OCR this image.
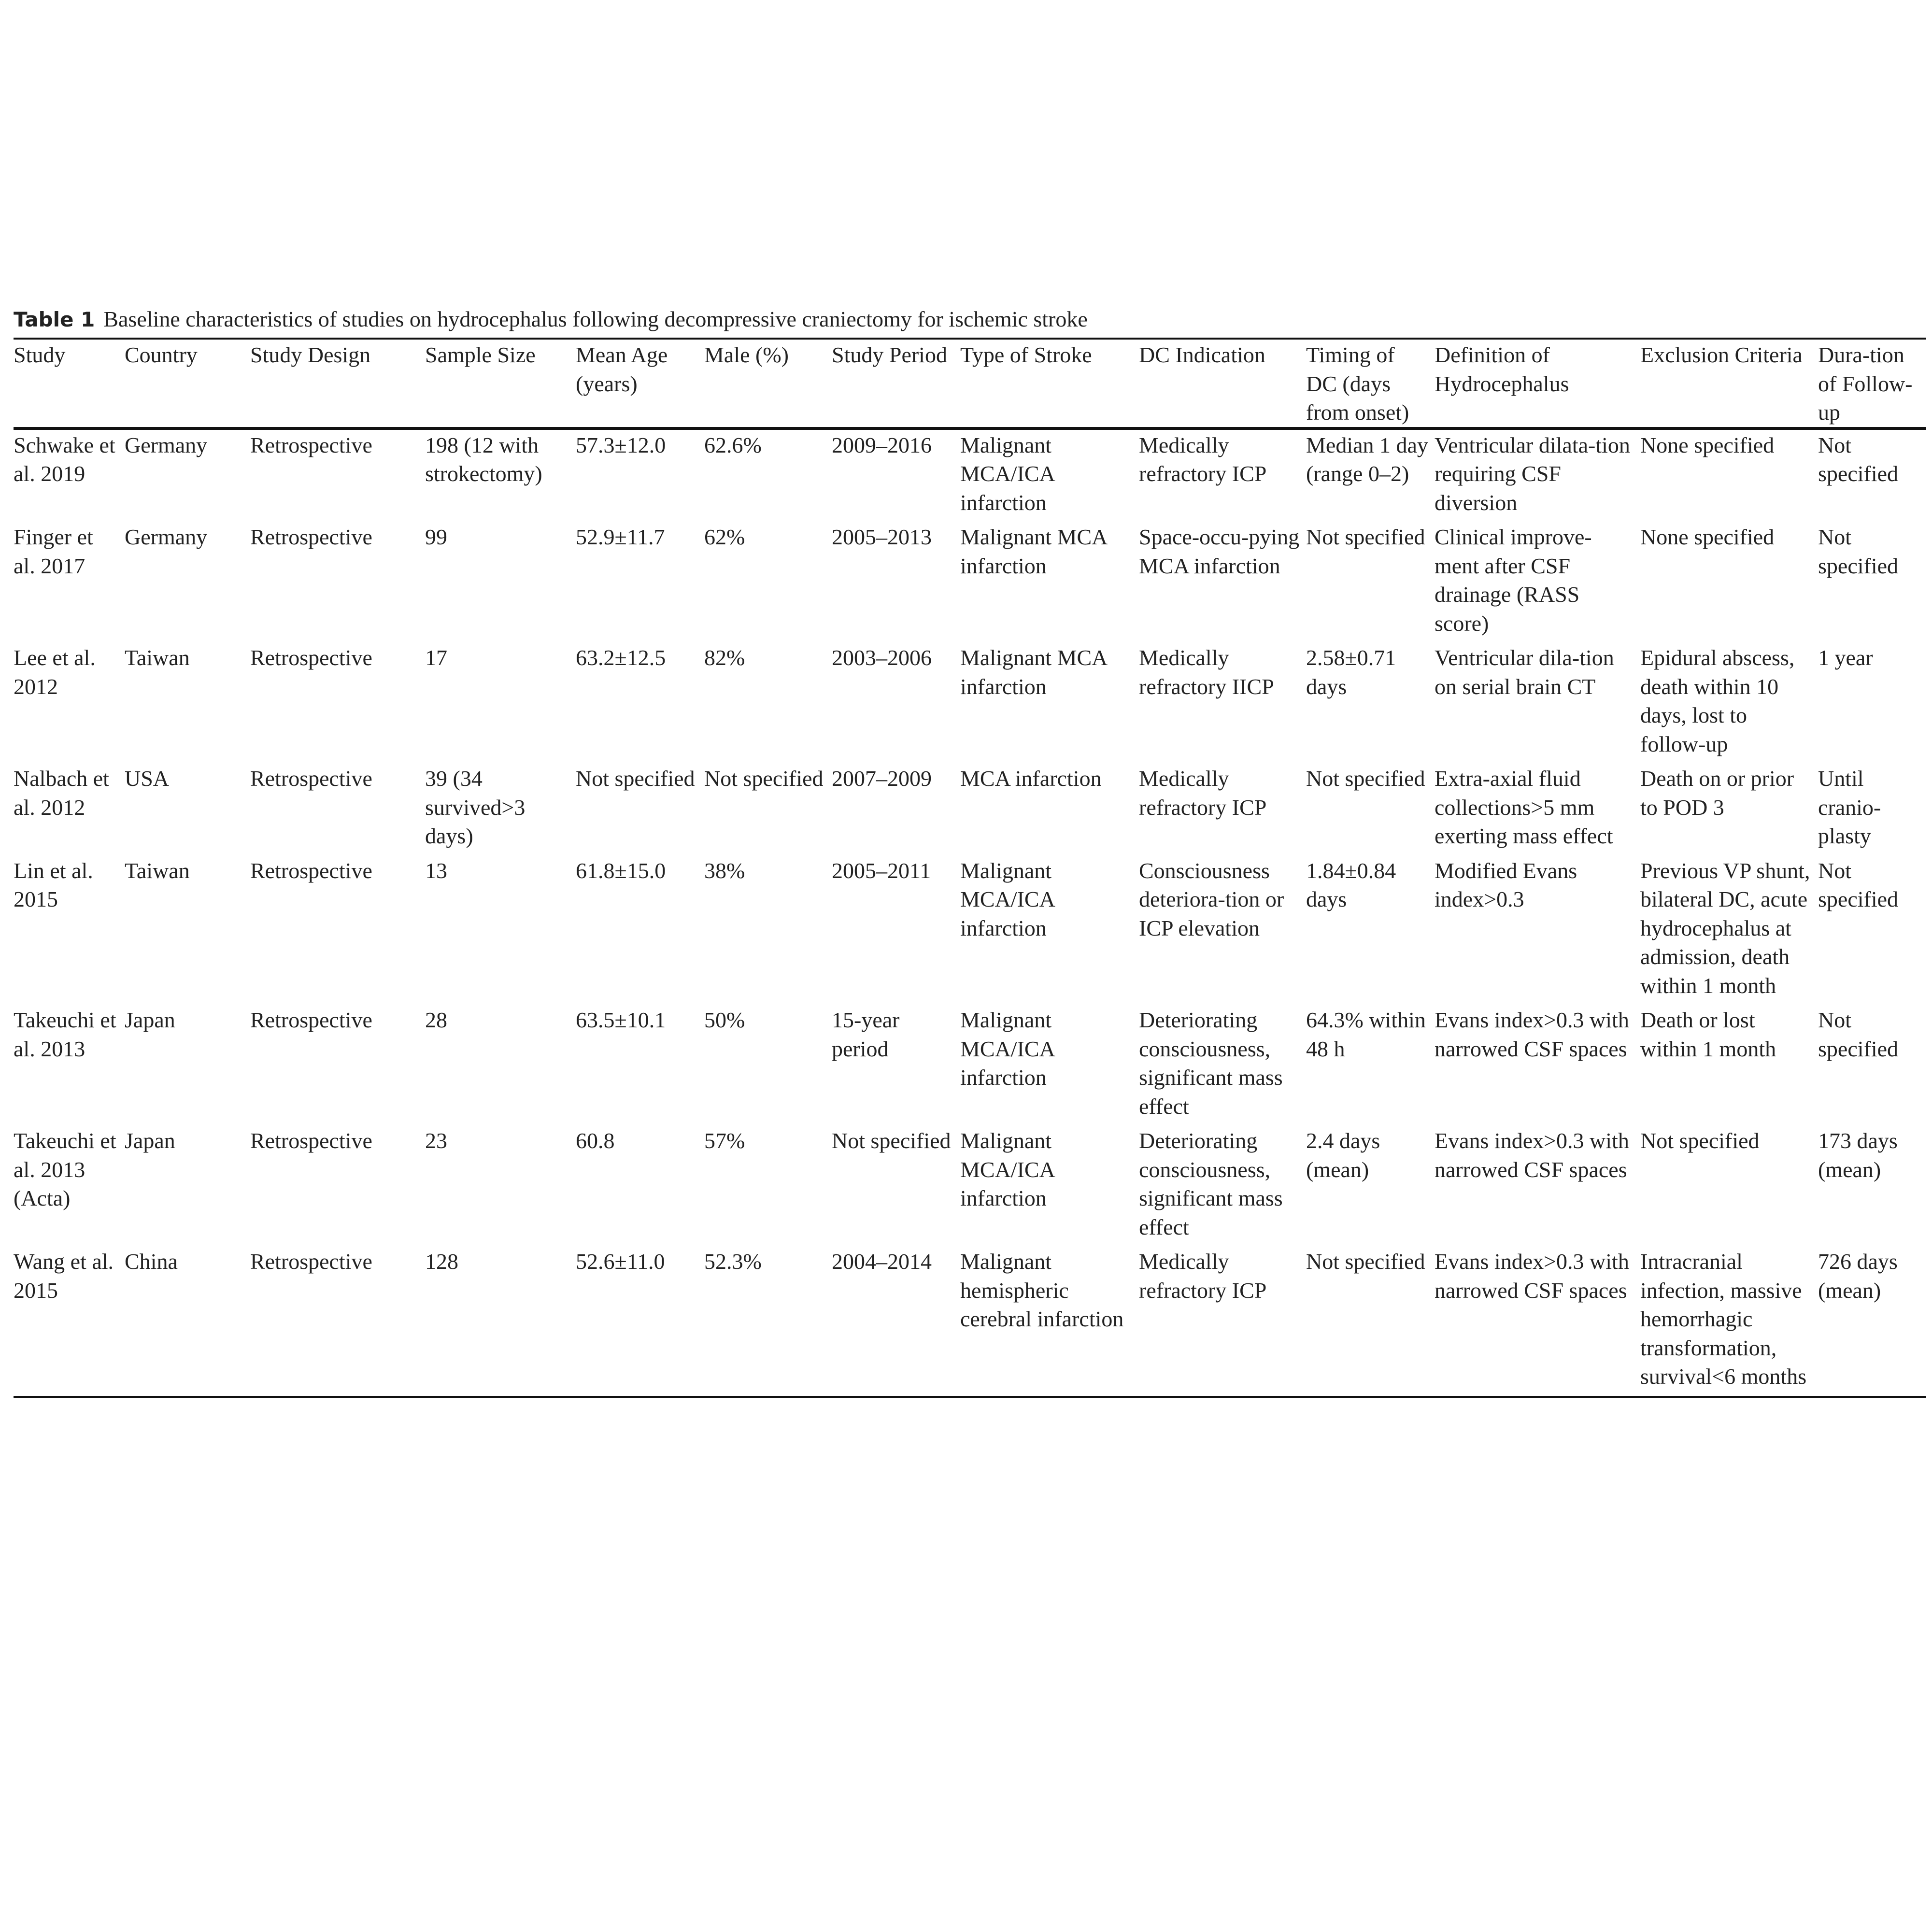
Table 1 Baseline characteristics of studies on hydrocephalus following decompressive craniectomy for ischemic stroke
Study	Country	Study Design	Sample Size	Mean Age (years)	Male (%)	Study Period	Type of Stroke	DC Indication	Timing of DC (days from onset)	Definition of Hydrocephalus	Exclusion Criteria	Dura-tion of Follow-up
Schwake et al. 2019	Germany	Retrospective	198 (12 with strokectomy)	57.3±12.0	62.6%	2009–2016	Malignant MCA/ICA infarction	Medically refractory ICP	Median 1 day (range 0–2)	Ventricular dilata-tion requiring CSF diversion	None specified	Not specified
Finger et al. 2017	Germany	Retrospective	99	52.9±11.7	62%	2005–2013	Malignant MCA infarction	Space-occu-pying MCA infarction	Not specified	Clinical improve-ment after CSF drainage (RASS score)	None specified	Not specified
Lee et al. 2012	Taiwan	Retrospective	17	63.2±12.5	82%	2003–2006	Malignant MCA infarction	Medically refractory IICP	2.58±0.71 days	Ventricular dila-tion on serial brain CT	Epidural abscess, death within 10 days, lost to follow-up	1 year
Nalbach et al. 2012	USA	Retrospective	39 (34 survived>3 days)	Not specified	Not specified	2007–2009	MCA infarction	Medically refractory ICP	Not specified	Extra-axial fluid collections>5 mm exerting mass effect	Death on or prior to POD 3	Until cranio-plasty
Lin et al. 2015	Taiwan	Retrospective	13	61.8±15.0	38%	2005–2011	Malignant MCA/ICA infarction	Consciousness deteriora-tion or ICP elevation	1.84±0.84 days	Modified Evans index>0.3	Previous VP shunt, bilateral DC, acute hydrocephalus at admission, death within 1 month	Not specified
Takeuchi et al. 2013	Japan	Retrospective	28	63.5±10.1	50%	15-year period	Malignant MCA/ICA infarction	Deteriorating consciousness, significant mass effect	64.3% within 48 h	Evans index>0.3 with narrowed CSF spaces	Death or lost within 1 month	Not specified
Takeuchi et al. 2013 (Acta)	Japan	Retrospective	23	60.8	57%	Not specified	Malignant MCA/ICA infarction	Deteriorating consciousness, significant mass effect	2.4 days (mean)	Evans index>0.3 with narrowed CSF spaces	Not specified	173 days (mean)
Wang et al. 2015	China	Retrospective	128	52.6±11.0	52.3%	2004–2014	Malignant hemispheric cerebral infarction	Medically refractory ICP	Not specified	Evans index>0.3 with narrowed CSF spaces	Intracranial infection, massive hemorrhagic transformation, survival<6 months	726 days (mean)
